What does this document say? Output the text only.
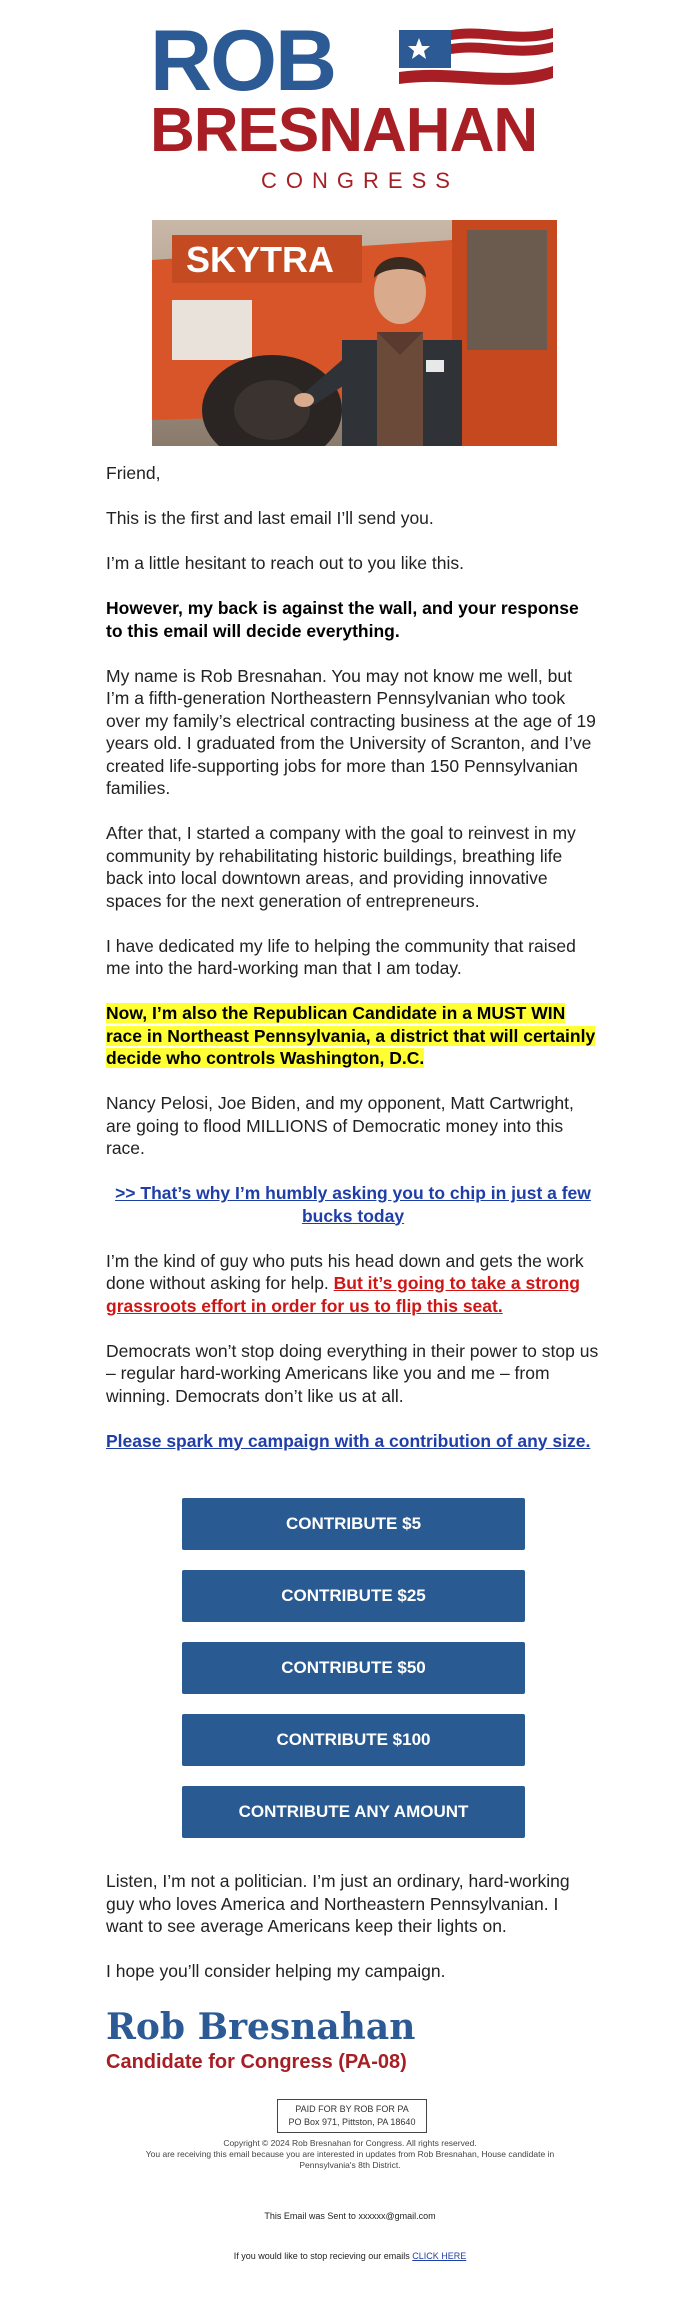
ROB
BRESNAHAN
CONGRESS
SKYTRA

Friend,

This is the first and last email I’ll send you.

I’m a little hesitant to reach out to you like this.

However, my back is against the wall, and your response to this email will decide everything.

My name is Rob Bresnahan. You may not know me well, but I’m a fifth-generation Northeastern Pennsylvanian who took over my family’s electrical contracting business at the age of 19 years old. I graduated from the University of Scranton, and I’ve created life-supporting jobs for more than 150 Pennsylvanian families.

After that, I started a company with the goal to reinvest in my community by rehabilitating historic buildings, breathing life back into local downtown areas, and providing innovative spaces for the next generation of entrepreneurs.

I have dedicated my life to helping the community that raised me into the hard-working man that I am today.

Now, I’m also the Republican Candidate in a MUST WIN race in Northeast Pennsylvania, a district that will certainly decide who controls Washington, D.C.

Nancy Pelosi, Joe Biden, and my opponent, Matt Cartwright, are going to flood MILLIONS of Democratic money into this race.

>> That’s why I’m humbly asking you to chip in just a few bucks today

I’m the kind of guy who puts his head down and gets the work done without asking for help. But it’s going to take a strong grassroots effort in order for us to flip this seat.

Democrats won’t stop doing everything in their power to stop us – regular hard-working Americans like you and me – from winning. Democrats don’t like us at all.

Please spark my campaign with a contribution of any size.

CONTRIBUTE $5
CONTRIBUTE $25
CONTRIBUTE $50
CONTRIBUTE $100
CONTRIBUTE ANY AMOUNT

Listen, I’m not a politician. I’m just an ordinary, hard-working guy who loves America and Northeastern Pennsylvanian. I want to see average Americans keep their lights on.

I hope you’ll consider helping my campaign.

Rob Bresnahan
Candidate for Congress (PA-08)
PAID FOR BY ROB FOR PA
PO Box 971, Pittston, PA 18640
Copyright © 2024 Rob Bresnahan for Congress. All rights reserved.
You are receiving this email because you are interested in updates from Rob Bresnahan, House candidate in Pennsylvania's 8th District.
This Email was Sent to xxxxxx@gmail.com
If you would like to stop recieving our emails CLICK HERE
